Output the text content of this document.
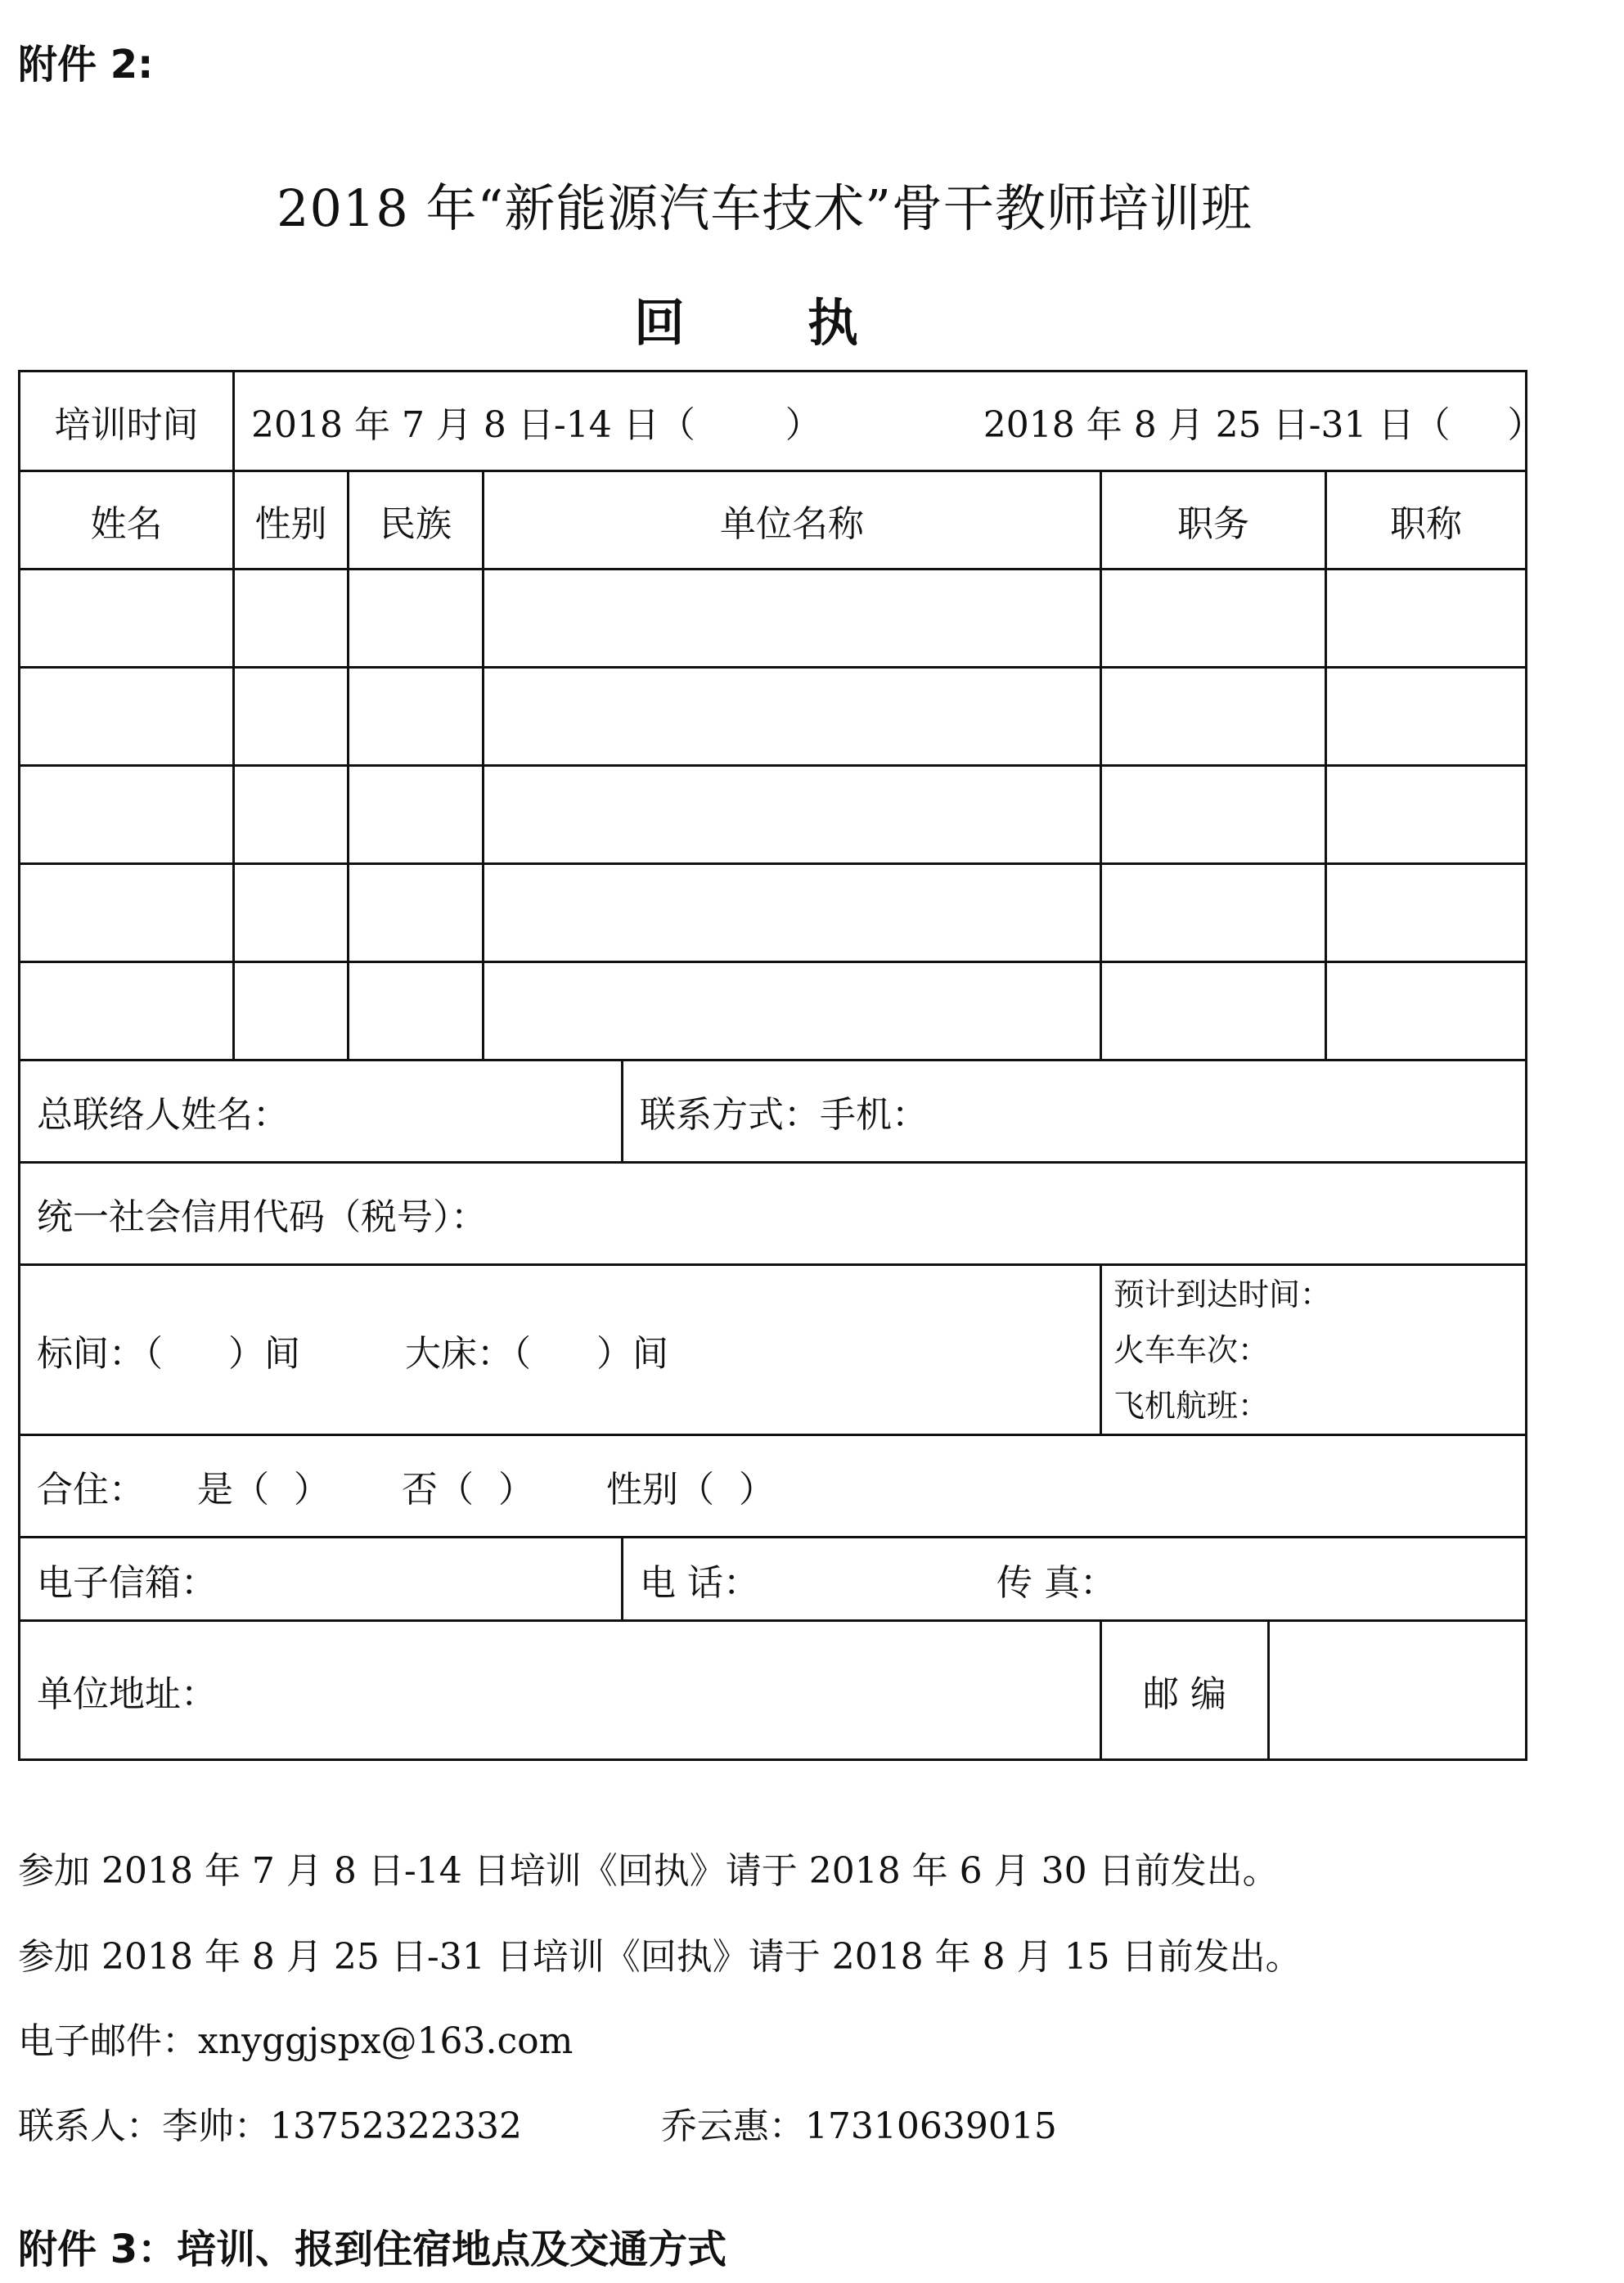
附件 2:
2018 年“新能源汽车技术”骨干教师培训班
回执
培训时间	2018 年 7 月 8 日-14 日（ ） 2018 年 8 月 25 日-31 日（ ）						
姓名	性别	民族	单位名称		职务		职称

总联络人姓名：				联系方式：手机：			
统一社会信用代码（税号）：							
标间：（ ）间 大床：（ ）间					预计到达时间：
火车车次：
飞机航班：		

合住： 是（ ） 否（ ） 性别（ ）							
电子信箱：				电 话： 传 真：			
单位地址：					邮 编		
参加 2018 年 7 月 8 日-14 日培训《回执》请于 2018 年 6 月 30 日前发出。
参加 2018 年 8 月 25 日-31 日培训《回执》请于 2018 年 8 月 15 日前发出。
电子邮件：xnyggjspx@163.com
联系人：李帅：13752322332	乔云惠：17310639015
附件 3：培训、报到住宿地点及交通方式
